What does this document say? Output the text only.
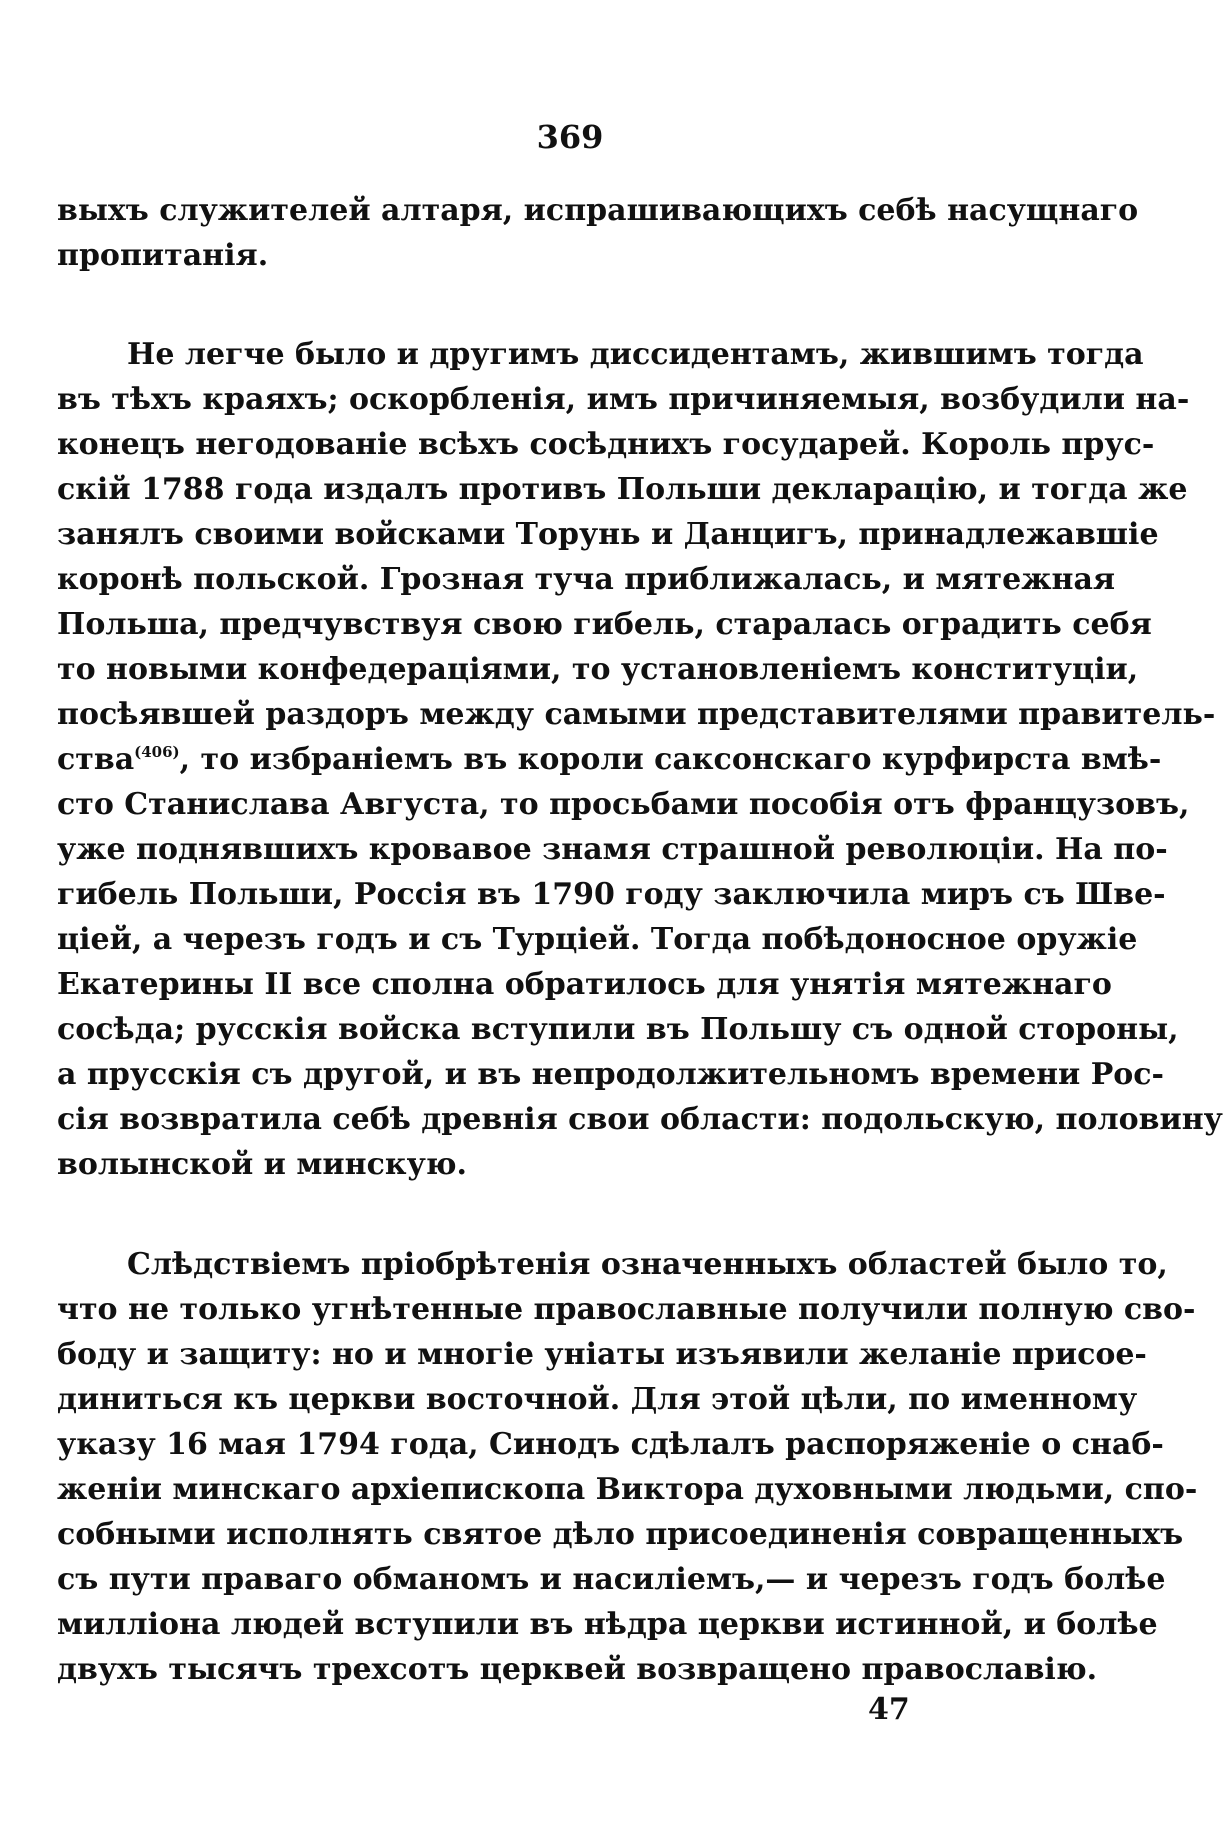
369
выхъ служителей алтаря, испрашивающихъ себѣ насущнаго
пропитанія.
Не легче было и другимъ диссидентамъ, жившимъ тогда
въ тѣхъ краяхъ; оскорбленія, имъ причиняемыя, возбудили на-
конецъ негодованіе всѣхъ сосѣднихъ государей. Король прус-
скій 1788 года издалъ противъ Польши декларацію, и тогда же
занялъ своими войсками Торунь и Данцигъ, принадлежавшіе
коронѣ польской. Грозная туча приближалась, и мятежная
Польша, предчувствуя свою гибель, старалась оградить себя
то новыми конфедераціями, то установленіемъ конституціи,
посѣявшей раздоръ между самыми представителями правитель-
ства$^{(406)}$, то избраніемъ въ короли саксонскаго курфирста вмѣ-
сто Станислава Августа, то просьбами пособія отъ французовъ,
уже поднявшихъ кровавое знамя страшной революціи. На по-
гибель Польши, Россія въ 1790 году заключила миръ съ Шве-
ціей, а черезъ годъ и съ Турціей. Тогда побѣдоносное оружіе
Екатерины II все сполна обратилось для унятія мятежнаго
сосѣда; русскія войска вступили въ Польшу съ одной стороны,
а прусскія съ другой, и въ непродолжительномъ времени Рос-
сія возвратила себѣ древнія свои области: подольскую, половину
волынской и минскую.
Слѣдствіемъ пріобрѣтенія означенныхъ областей было то,
что не только угнѣтенные православные получили полную сво-
боду и защиту: но и многіе уніаты изъявили желаніе присое-
диниться къ церкви восточной. Для этой цѣли, по именному
указу 16 мая 1794 года, Синодъ сдѣлалъ распоряженіе о снаб-
женіи минскаго архіепископа Виктора духовными людьми, спо-
собными исполнять святое дѣло присоединенія совращенныхъ
съ пути праваго обманомъ и насиліемъ,— и черезъ годъ болѣе
милліона людей вступили въ нѣдра церкви истинной, и болѣе
двухъ тысячъ трехсотъ церквей возвращено православію.
47
